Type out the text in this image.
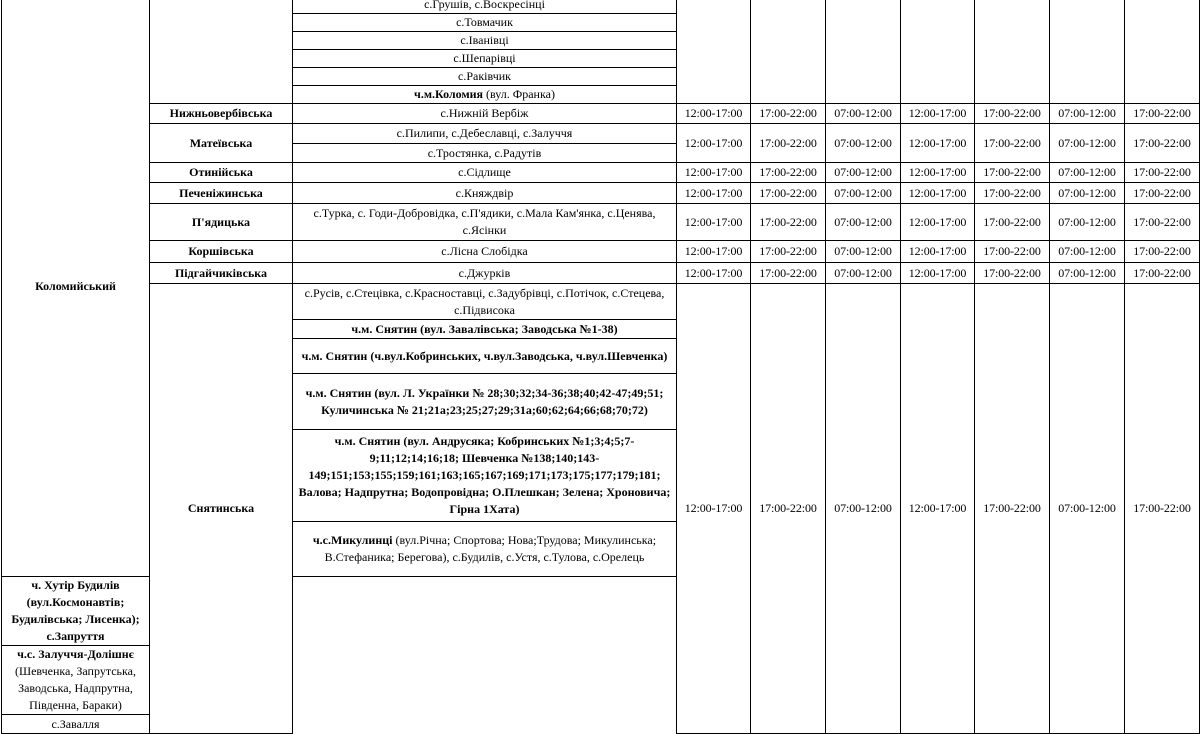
Коломийський		с.Грушів, с.Воскресінці							
		с.Товмачик							
		с.Іванівці							
		с.Шепарівці							
		с.Раківчик							
		ч.м.Коломия (вул. Франка)							
	Нижньовербівська	с.Нижній Вербіж	12:00-17:00	17:00-22:00	07:00-12:00	12:00-17:00	17:00-22:00	07:00-12:00	17:00-22:00
	Матеївська	с.Пилипи, с.Дебеславці, с.Залуччя	12:00-17:00	17:00-22:00	07:00-12:00	12:00-17:00	17:00-22:00	07:00-12:00	17:00-22:00
		с.Тростянка, с.Радутів							
	Отинійська	с.Сідлище	12:00-17:00	17:00-22:00	07:00-12:00	12:00-17:00	17:00-22:00	07:00-12:00	17:00-22:00
	Печеніжинська	с.Княждвір	12:00-17:00	17:00-22:00	07:00-12:00	12:00-17:00	17:00-22:00	07:00-12:00	17:00-22:00
	П'ядицька	с.Турка, с. Годи-Добровідка, с.П'ядики, с.Мала Кам'янка, с.Ценява, с.Ясінки	12:00-17:00	17:00-22:00	07:00-12:00	12:00-17:00	17:00-22:00	07:00-12:00	17:00-22:00
	Коршівська	с.Лісна Слобідка	12:00-17:00	17:00-22:00	07:00-12:00	12:00-17:00	17:00-22:00	07:00-12:00	17:00-22:00
	Підгайчиківська	с.Джурків	12:00-17:00	17:00-22:00	07:00-12:00	12:00-17:00	17:00-22:00	07:00-12:00	17:00-22:00
	Снятинська	с.Русів, с.Стецівка, с.Красноставці, с.Задубрівці, с.Потічок, с.Стецева, с.Підвисока	12:00-17:00	17:00-22:00	07:00-12:00	12:00-17:00	17:00-22:00	07:00-12:00	17:00-22:00
		ч.м. Снятин (вул. Завалівська; Заводська №1-38)							
		ч.м. Снятин (ч.вул.Кобринських, ч.вул.Заводська, ч.вул.Шевченка)							
		ч.м. Снятин (вул. Л. Українки № 28;30;32;34-36;38;40;42-47;49;51; Куличинська № 21;21а;23;25;27;29;31а;60;62;64;66;68;70;72)							
		ч.м. Снятин (вул. Андрусяка; Кобринських №1;3;4;5;7-9;11;12;14;16;18; Шевченка №138;140;143-149;151;153;155;159;161;163;165;167;169;171;173;175;177;179;181; Валова; Надпрутна; Водопровідна; О.Плешкан; Зелена; Хроновича; Гірна 1Хата)							
		ч.с.Микулинці (вул.Річна; Спортова; Нова;Трудова; Микулинська; В.Стефаника; Берегова), с.Будилів, с.Устя, с.Тулова, с.Орелець							
ч. Хутір Будилів (вул.Космонавтів; Будилівська; Лисенка); с.Запруття									
ч.с. Залуччя-Долішнє (Шевченка, Запрутська, Заводська, Надпрутна, Південна, Бараки)									
с.Завалля									
